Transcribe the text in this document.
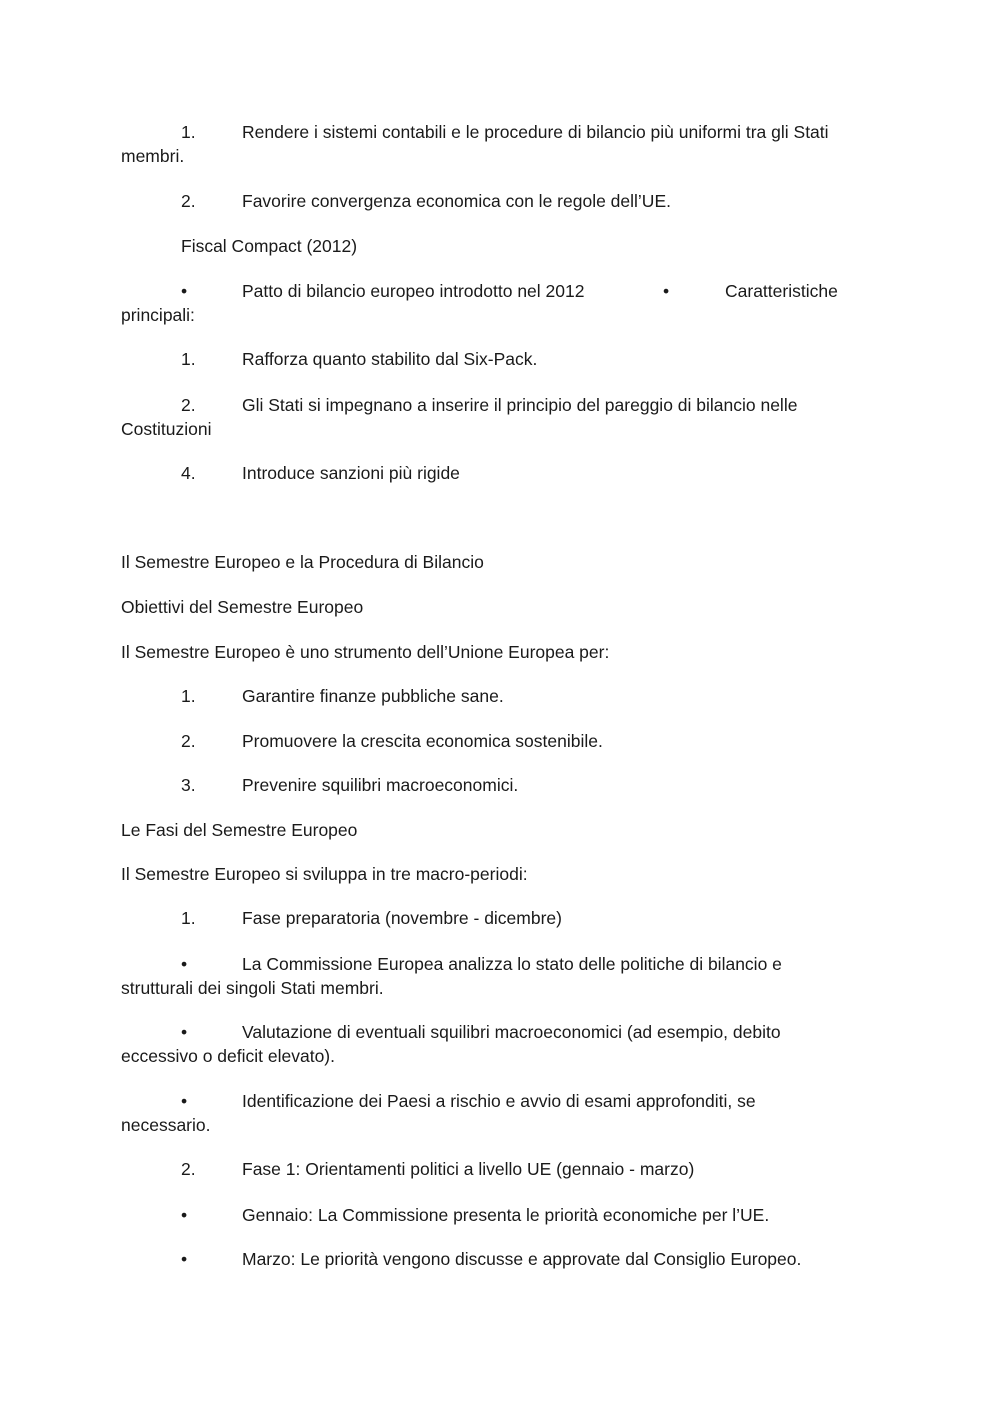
1.	Rendere i sistemi contabili e le procedure di bilancio più uniformi tra gli Stati
membri.
2.	Favorire convergenza economica con le regole dell’UE.
Fiscal Compact (2012)
•	Patto di bilancio europeo introdotto nel 2012	•	Caratteristiche
principali:
1.	Rafforza quanto stabilito dal Six-Pack.
2.	Gli Stati si impegnano a inserire il principio del pareggio di bilancio nelle
Costituzioni
4.	Introduce sanzioni più rigide
Il Semestre Europeo e la Procedura di Bilancio
Obiettivi del Semestre Europeo
Il Semestre Europeo è uno strumento dell’Unione Europea per:
1.	Garantire finanze pubbliche sane.
2.	Promuovere la crescita economica sostenibile.
3.	Prevenire squilibri macroeconomici.
Le Fasi del Semestre Europeo
Il Semestre Europeo si sviluppa in tre macro-periodi:
1.	Fase preparatoria (novembre - dicembre)
•	La Commissione Europea analizza lo stato delle politiche di bilancio e
strutturali dei singoli Stati membri.
•	Valutazione di eventuali squilibri macroeconomici (ad esempio, debito
eccessivo o deficit elevato).
•	Identificazione dei Paesi a rischio e avvio di esami approfonditi, se
necessario.
2.	Fase 1: Orientamenti politici a livello UE (gennaio - marzo)
•	Gennaio: La Commissione presenta le priorità economiche per l’UE.
•	Marzo: Le priorità vengono discusse e approvate dal Consiglio Europeo.
